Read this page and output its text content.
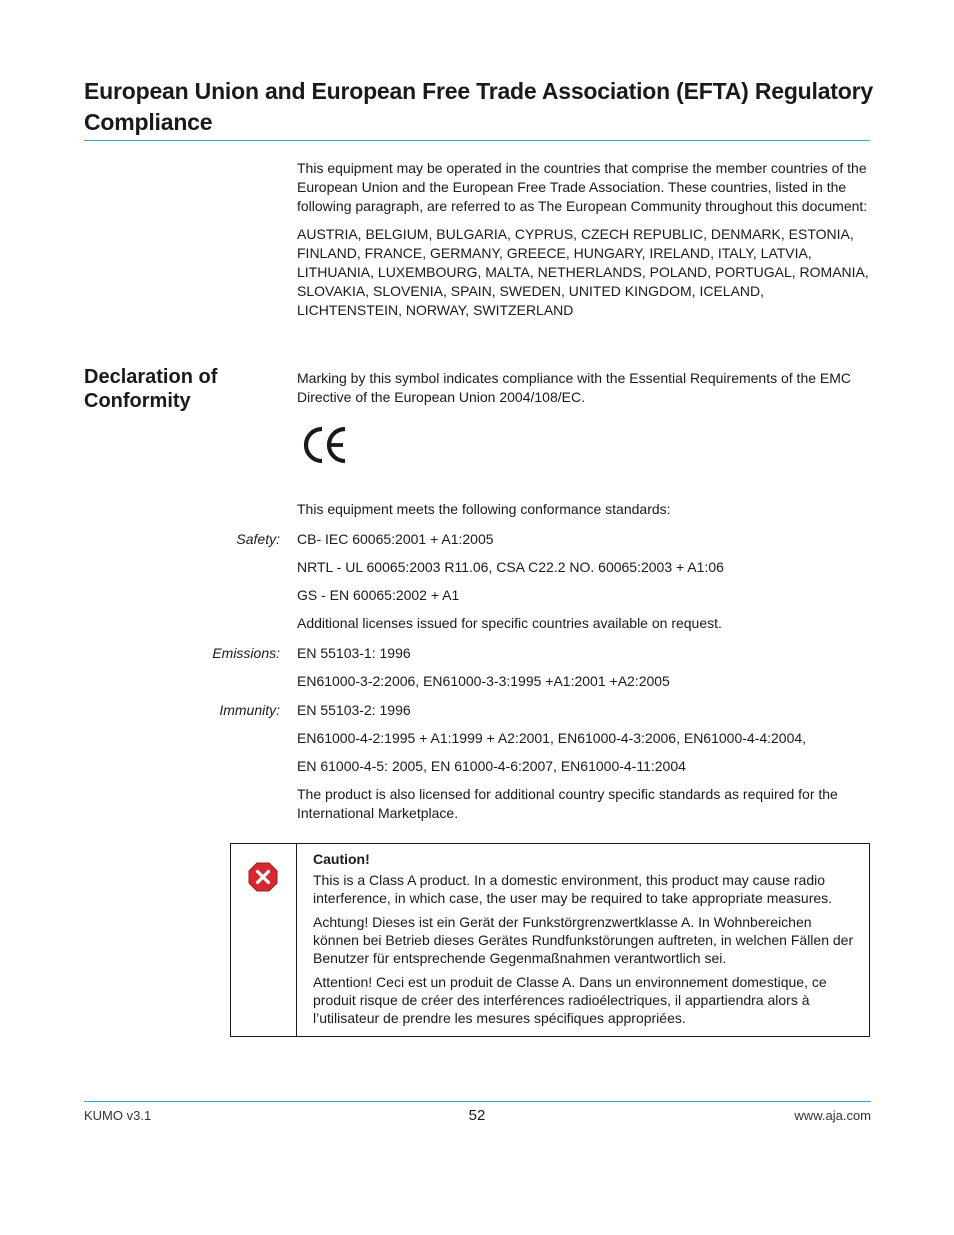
European Union and European Free Trade Association (EFTA) Regulatory Compliance

This equipment may be operated in the countries that comprise the member countries of the European Union and the European Free Trade Association. These countries, listed in the following paragraph, are referred to as The European Community throughout this document:

AUSTRIA, BELGIUM, BULGARIA, CYPRUS, CZECH REPUBLIC, DENMARK, ESTONIA, FINLAND, FRANCE, GERMANY, GREECE, HUNGARY, IRELAND, ITALY, LATVIA, LITHUANIA, LUXEMBOURG, MALTA, NETHERLANDS, POLAND, PORTUGAL, ROMANIA, SLOVAKIA, SLOVENIA, SPAIN, SWEDEN, UNITED KINGDOM, ICELAND, LICHTENSTEIN, NORWAY, SWITZERLAND

Declaration of Conformity

Marking by this symbol indicates compliance with the Essential Requirements of the EMC Directive of the European Union 2004/108/EC.

This equipment meets the following conformance standards:

Safety: CB- IEC 60065:2001 + A1:2005
NRTL - UL 60065:2003 R11.06, CSA C22.2 NO. 60065:2003 + A1:06
GS - EN 60065:2002 + A1
Additional licenses issued for specific countries available on request.
Emissions: EN 55103-1: 1996
EN61000-3-2:2006, EN61000-3-3:1995 +A1:2001 +A2:2005
Immunity: EN 55103-2: 1996
EN61000-4-2:1995 + A1:1999 + A2:2001, EN61000-4-3:2006, EN61000-4-4:2004,
EN 61000-4-5: 2005, EN 61000-4-6:2007, EN61000-4-11:2004
The product is also licensed for additional country specific standards as required for the International Marketplace.

Caution!

This is a Class A product. In a domestic environment, this product may cause radio interference, in which case, the user may be required to take appropriate measures.

Achtung! Dieses ist ein Gerät der Funkstörgrenzwertklasse A. In Wohnbereichen können bei Betrieb dieses Gerätes Rundfunkstörungen auftreten, in welchen Fällen der Benutzer für entsprechende Gegenmaßnahmen verantwortlich sei.

Attention! Ceci est un produit de Classe A. Dans un environnement domestique, ce produit risque de créer des interférences radioélectriques, il appartiendra alors à l’utilisateur de prendre les mesures spécifiques appropriées.

KUMO v3.1	52	www.aja.com
